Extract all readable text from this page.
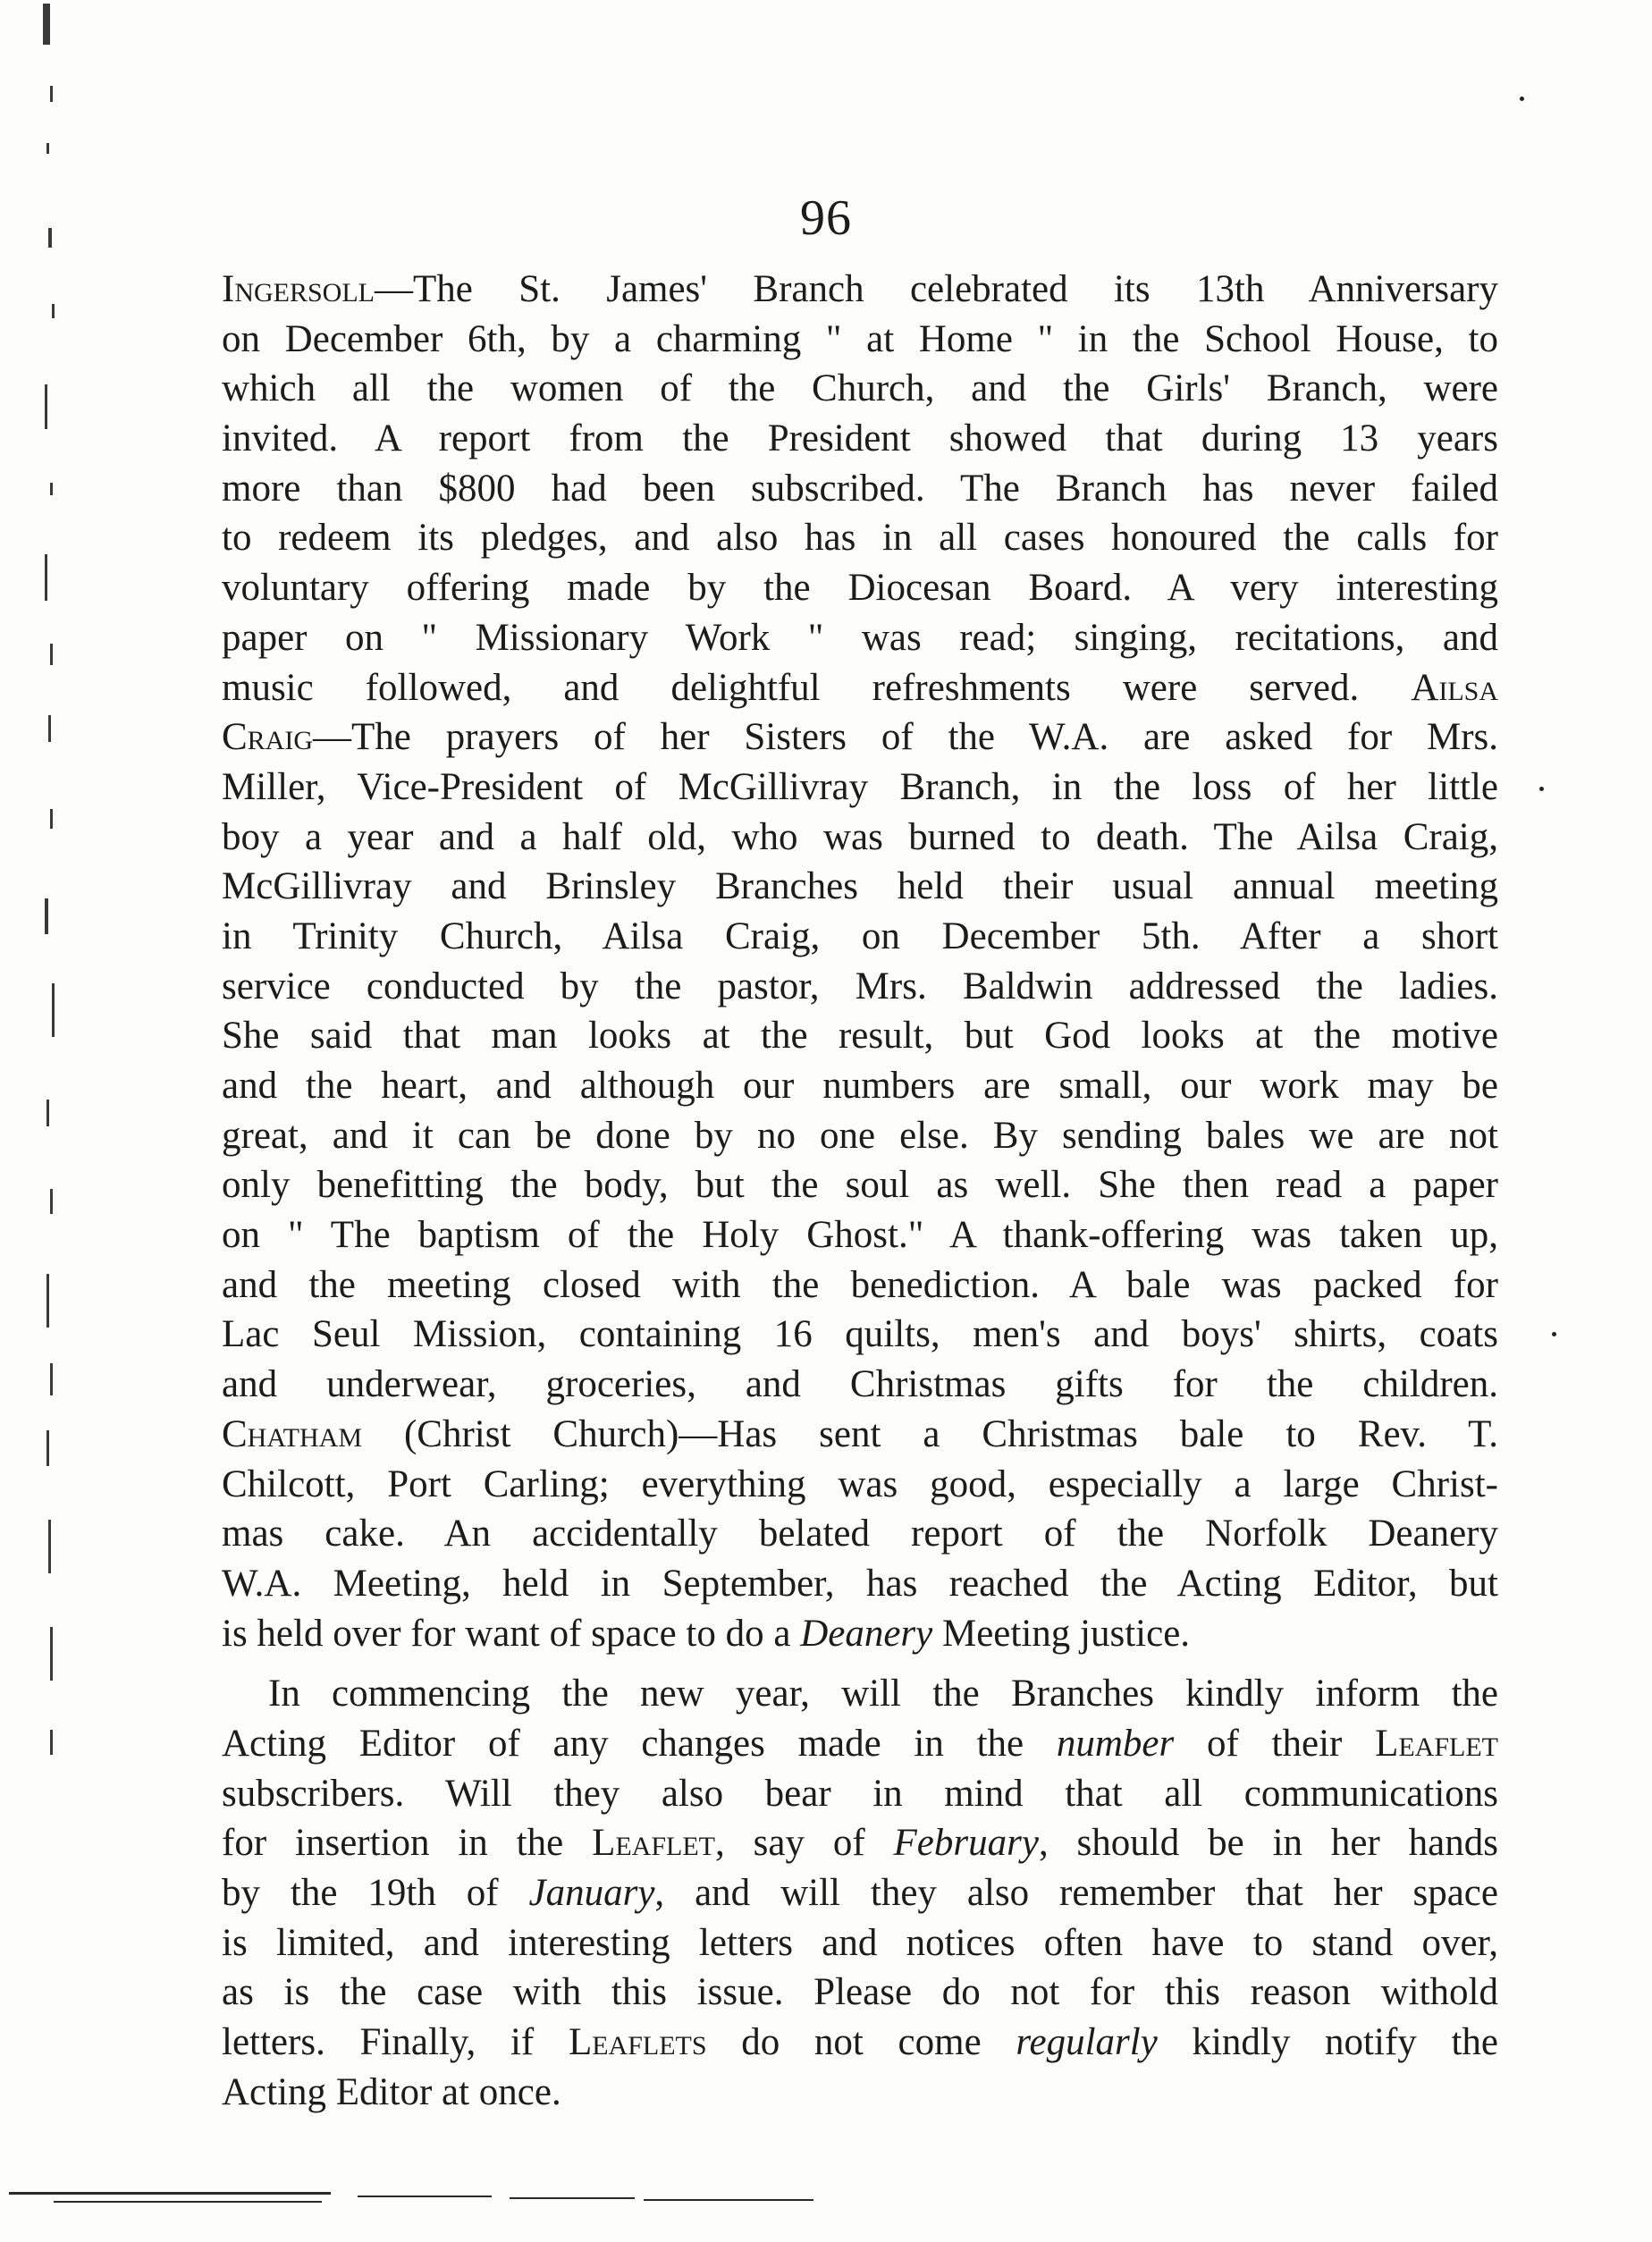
96
Ingersoll—The St. James' Branch celebrated its 13th Anniversary
on December 6th, by a charming " at Home " in the School House, to
which all the women of the Church, and the Girls' Branch, were
invited. A report from the President showed that during 13 years
more than $800 had been subscribed. The Branch has never failed
to redeem its pledges, and also has in all cases honoured the calls for
voluntary offering made by the Diocesan Board. A very interesting
paper on " Missionary Work " was read; singing, recitations, and
music followed, and delightful refreshments were served. Ailsa
Craig—The prayers of her Sisters of the W.A. are asked for Mrs.
Miller, Vice-President of McGillivray Branch, in the loss of her little
boy a year and a half old, who was burned to death. The Ailsa Craig,
McGillivray and Brinsley Branches held their usual annual meeting
in Trinity Church, Ailsa Craig, on December 5th. After a short
service conducted by the pastor, Mrs. Baldwin addressed the ladies.
She said that man looks at the result, but God looks at the motive
and the heart, and although our numbers are small, our work may be
great, and it can be done by no one else. By sending bales we are not
only benefitting the body, but the soul as well. She then read a paper
on " The baptism of the Holy Ghost." A thank-offering was taken up,
and the meeting closed with the benediction. A bale was packed for
Lac Seul Mission, containing 16 quilts, men's and boys' shirts, coats
and underwear, groceries, and Christmas gifts for the children.
Chatham (Christ Church)—Has sent a Christmas bale to Rev. T.
Chilcott, Port Carling; everything was good, especially a large Christ-
mas cake. An accidentally belated report of the Norfolk Deanery
W.A. Meeting, held in September, has reached the Acting Editor, but
is held over for want of space to do a Deanery Meeting justice.
In commencing the new year, will the Branches kindly inform the
Acting Editor of any changes made in the number of their Leaflet
subscribers. Will they also bear in mind that all communications
for insertion in the Leaflet, say of February, should be in her hands
by the 19th of January, and will they also remember that her space
is limited, and interesting letters and notices often have to stand over,
as is the case with this issue. Please do not for this reason withold
letters. Finally, if Leaflets do not come regularly kindly notify the
Acting Editor at once.
